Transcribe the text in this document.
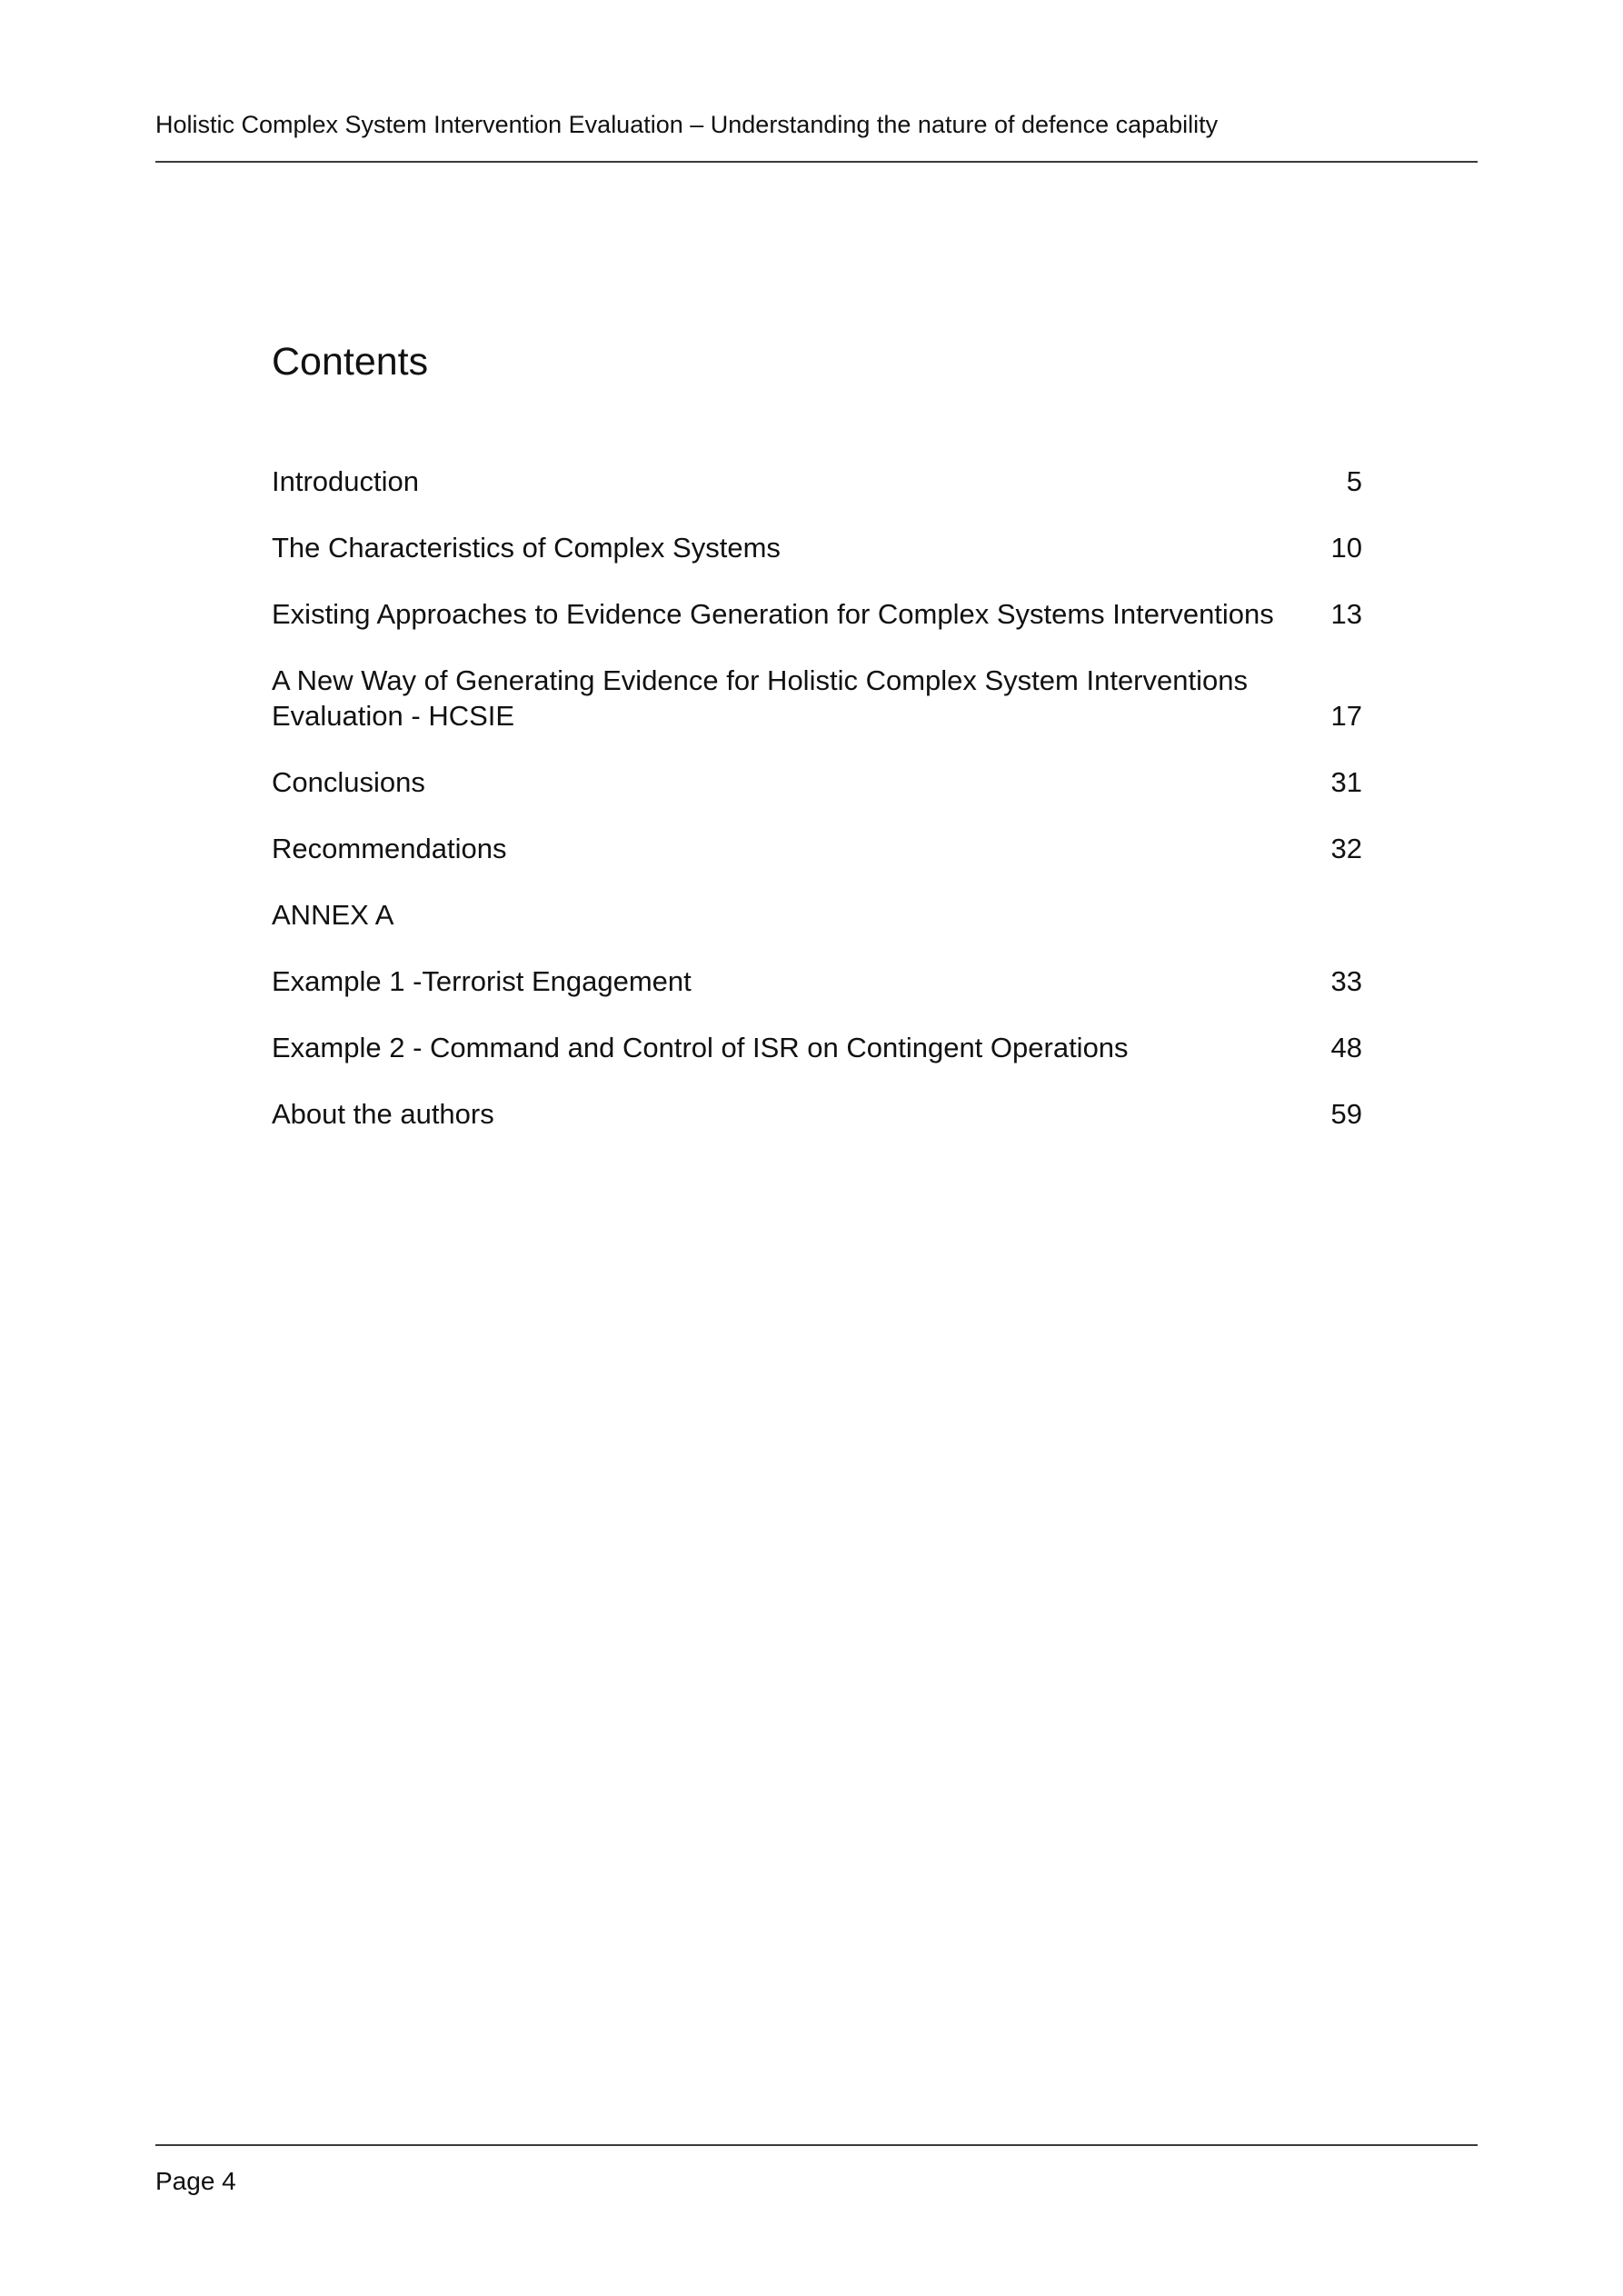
Holistic Complex System Intervention Evaluation – Understanding the nature of defence capability
Contents
Introduction	5
The Characteristics of Complex Systems	10
Existing Approaches to Evidence Generation for Complex Systems Interventions	13
A New Way of Generating Evidence for Holistic Complex System Interventions Evaluation - HCSIE	17
Conclusions	31
Recommendations	32
ANNEX A
Example 1 -Terrorist Engagement	33
Example 2 - Command and Control of ISR on Contingent Operations	48
About the authors	59
Page 4
